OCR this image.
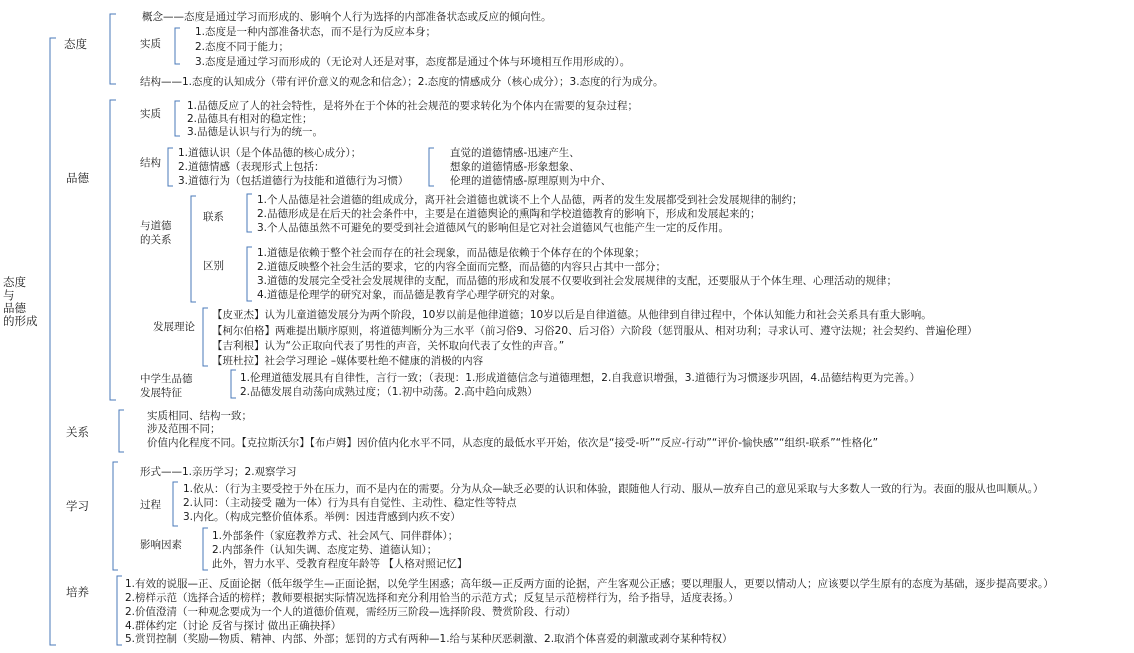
态度
与
品德
的形成
态度
概念——态度是通过学习而形成的、影响个人行为选择的内部准备状态或反应的倾向性。
实质
1.态度是一种内部准备状态，而不是行为反应本身；
2.态度不同于能力；
3.态度是通过学习而形成的（无论对人还是对事，态度都是通过个体与环境相互作用形成的）。
结构——1.态度的认知成分（带有评价意义的观念和信念）；2.态度的情感成分（核心成分）；3.态度的行为成分。
品德
实质
1.品德反应了人的社会特性，是将外在于个体的社会规范的要求转化为个体内在需要的复杂过程；
2.品德具有相对的稳定性；
3.品德是认识与行为的统一。
结构
1.道德认识（是个体品德的核心成分）；
2.道德情感（表现形式上包括：
3.道德行为（包括道德行为技能和道德行为习惯）
直觉的道德情感-迅速产生、
想象的道德情感-形象想象、
伦理的道德情感-原理原则为中介、
与道德
的关系
联系
1.个人品德是社会道德的组成成分，离开社会道德也就谈不上个人品德，两者的发生发展都受到社会发展规律的制约；
2.品德形成是在后天的社会条件中，主要是在道德舆论的熏陶和学校道德教育的影响下，形成和发展起来的；
3.个人品德虽然不可避免的要受到社会道德风气的影响但是它对社会道德风气也能产生一定的反作用。
区别
1.道德是依赖于整个社会而存在的社会现象，而品德是依赖于个体存在的个体现象；
2.道德反映整个社会生活的要求，它的内容全面而完整，而品德的内容只占其中一部分；
3.道德的发展完全受社会发展规律的支配，而品德的形成和发展不仅要收到社会发展规律的支配，还要服从于个体生理、心理活动的规律；
4.道德是伦理学的研究对象，而品德是教育学心理学研究的对象。
发展理论
【皮亚杰】认为儿童道德发展分为两个阶段，10岁以前是他律道德；10岁以后是自律道德。从他律到自律过程中，个体认知能力和社会关系具有重大影响。
【柯尔伯格】两难提出顺序原则，将道德判断分为三水平（前习俗9、习俗20、后习俗）六阶段（惩罚服从、相对功利；寻求认可、遵守法规；社会契约、普遍伦理）
【吉利根】认为“公正取向代表了男性的声音，关怀取向代表了女性的声音。”
【班杜拉】社会学习理论 –媒体要杜绝不健康的消极的内容
中学生品德
发展特征
1.伦理道德发展具有自律性，言行一致；（表现：1.形成道德信念与道德理想，2.自我意识增强，3.道德行为习惯逐步巩固，4.品德结构更为完善。）
2.品德发展自动荡向成熟过度；（1.初中动荡。2.高中趋向成熟）
关系
实质相同、结构一致；
涉及范围不同；
价值内化程度不同。【克拉斯沃尔】【布卢姆】因价值内化水平不同，从态度的最低水平开始，依次是“接受-听”“反应-行动”“评价-愉快感”“组织-联系”“性格化”
学习
形式——1.亲历学习；2.观察学习
过程
1.依从：（行为主要受控于外在压力，而不是内在的需要。分为从众—缺乏必要的认识和体验，跟随他人行动、服从—放弃自己的意见采取与大多数人一致的行为。表面的服从也叫顺从。）
2.认同：（主动接受 融为一体）行为具有自觉性、主动性、稳定性等特点
3.内化。（构成完整价值体系。举例：因违背感到内疚不安）
影响因素
1.外部条件（家庭教养方式、社会风气、同伴群体）；
2.内部条件（认知失调、态度定势、道德认知）；
此外，智力水平、受教育程度年龄等 【人格对照记忆】
培养
1.有效的说服—正、反面论据（低年级学生—正面论据，以免学生困惑；高年级—正反两方面的论据，产生客观公正感；要以理服人，更要以情动人；应该要以学生原有的态度为基础，逐步提高要求。）
2.榜样示范（选择合适的榜样；教师要根据实际情况选择和充分利用恰当的示范方式；反复呈示范榜样行为，给予指导，适度表扬。）
2.价值澄清（一种观念要成为一个人的道德价值观，需经历三阶段—选择阶段、赞赏阶段、行动）
4.群体约定（讨论 反省与探讨 做出正确抉择）
5.赏罚控制（奖励—物质、精神、内部、外部；惩罚的方式有两种—1.给与某种厌恶刺激、2.取消个体喜爱的刺激或剥夺某种特权）
